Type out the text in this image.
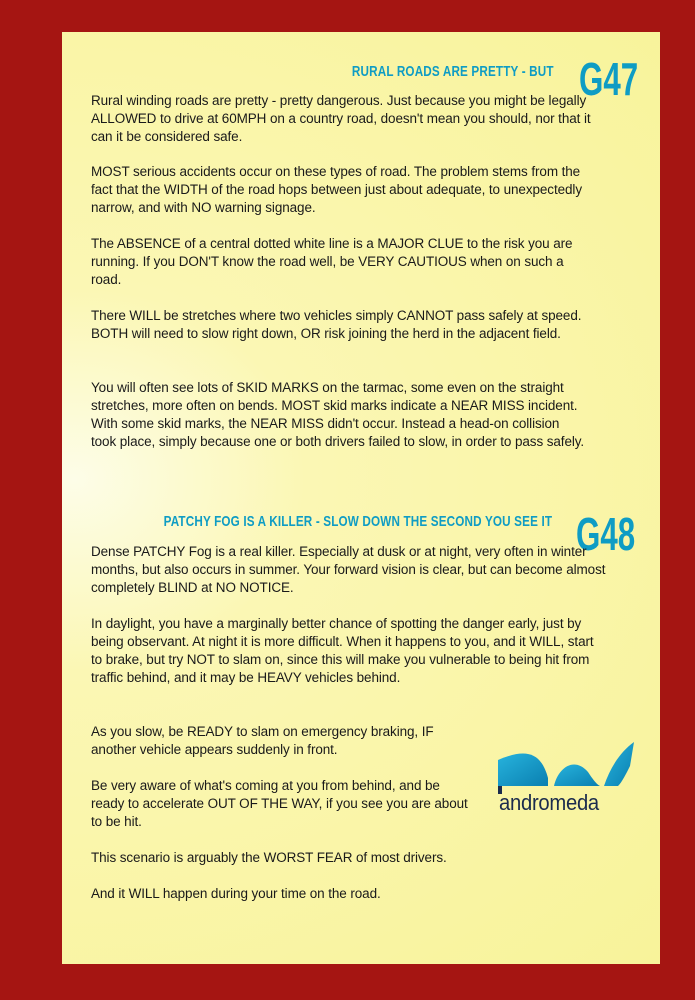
RURAL ROADS ARE PRETTY - BUT G47

Rural winding roads are pretty - pretty dangerous. Just because you might be legally ALLOWED to drive at 60MPH on a country road, doesn't mean you should, nor that it can it be considered safe.

MOST serious accidents occur on these types of road. The problem stems from the fact that the WIDTH of the road hops between just about adequate, to unexpectedly narrow, and with NO warning signage.

The ABSENCE of a central dotted white line is a MAJOR CLUE to the risk you are running. If you DON'T know the road well, be VERY CAUTIOUS when on such a road.

There WILL be stretches where two vehicles simply CANNOT pass safely at speed. BOTH will need to slow right down, OR risk joining the herd in the adjacent field.

You will often see lots of SKID MARKS on the tarmac, some even on the straight stretches, more often on bends. MOST skid marks indicate a NEAR MISS incident. With some skid marks, the NEAR MISS didn't occur. Instead a head-on collision took place, simply because one or both drivers failed to slow, in order to pass safely.

PATCHY FOG IS A KILLER - SLOW DOWN THE SECOND YOU SEE IT G48

Dense PATCHY Fog is a real killer. Especially at dusk or at night, very often in winter months, but also occurs in summer. Your forward vision is clear, but can become almost completely BLIND at NO NOTICE.

In daylight, you have a marginally better chance of spotting the danger early, just by being observant. At night it is more difficult. When it happens to you, and it WILL, start to brake, but try NOT to slam on, since this will make you vulnerable to being hit from traffic behind, and it may be HEAVY vehicles behind.

As you slow, be READY to slam on emergency braking, IF another vehicle appears suddenly in front.

Be very aware of what's coming at you from behind, and be ready to accelerate OUT OF THE WAY, if you see you are about to be hit.

This scenario is arguably the WORST FEAR of most drivers.

And it WILL happen during your time on the road.

andromeda
